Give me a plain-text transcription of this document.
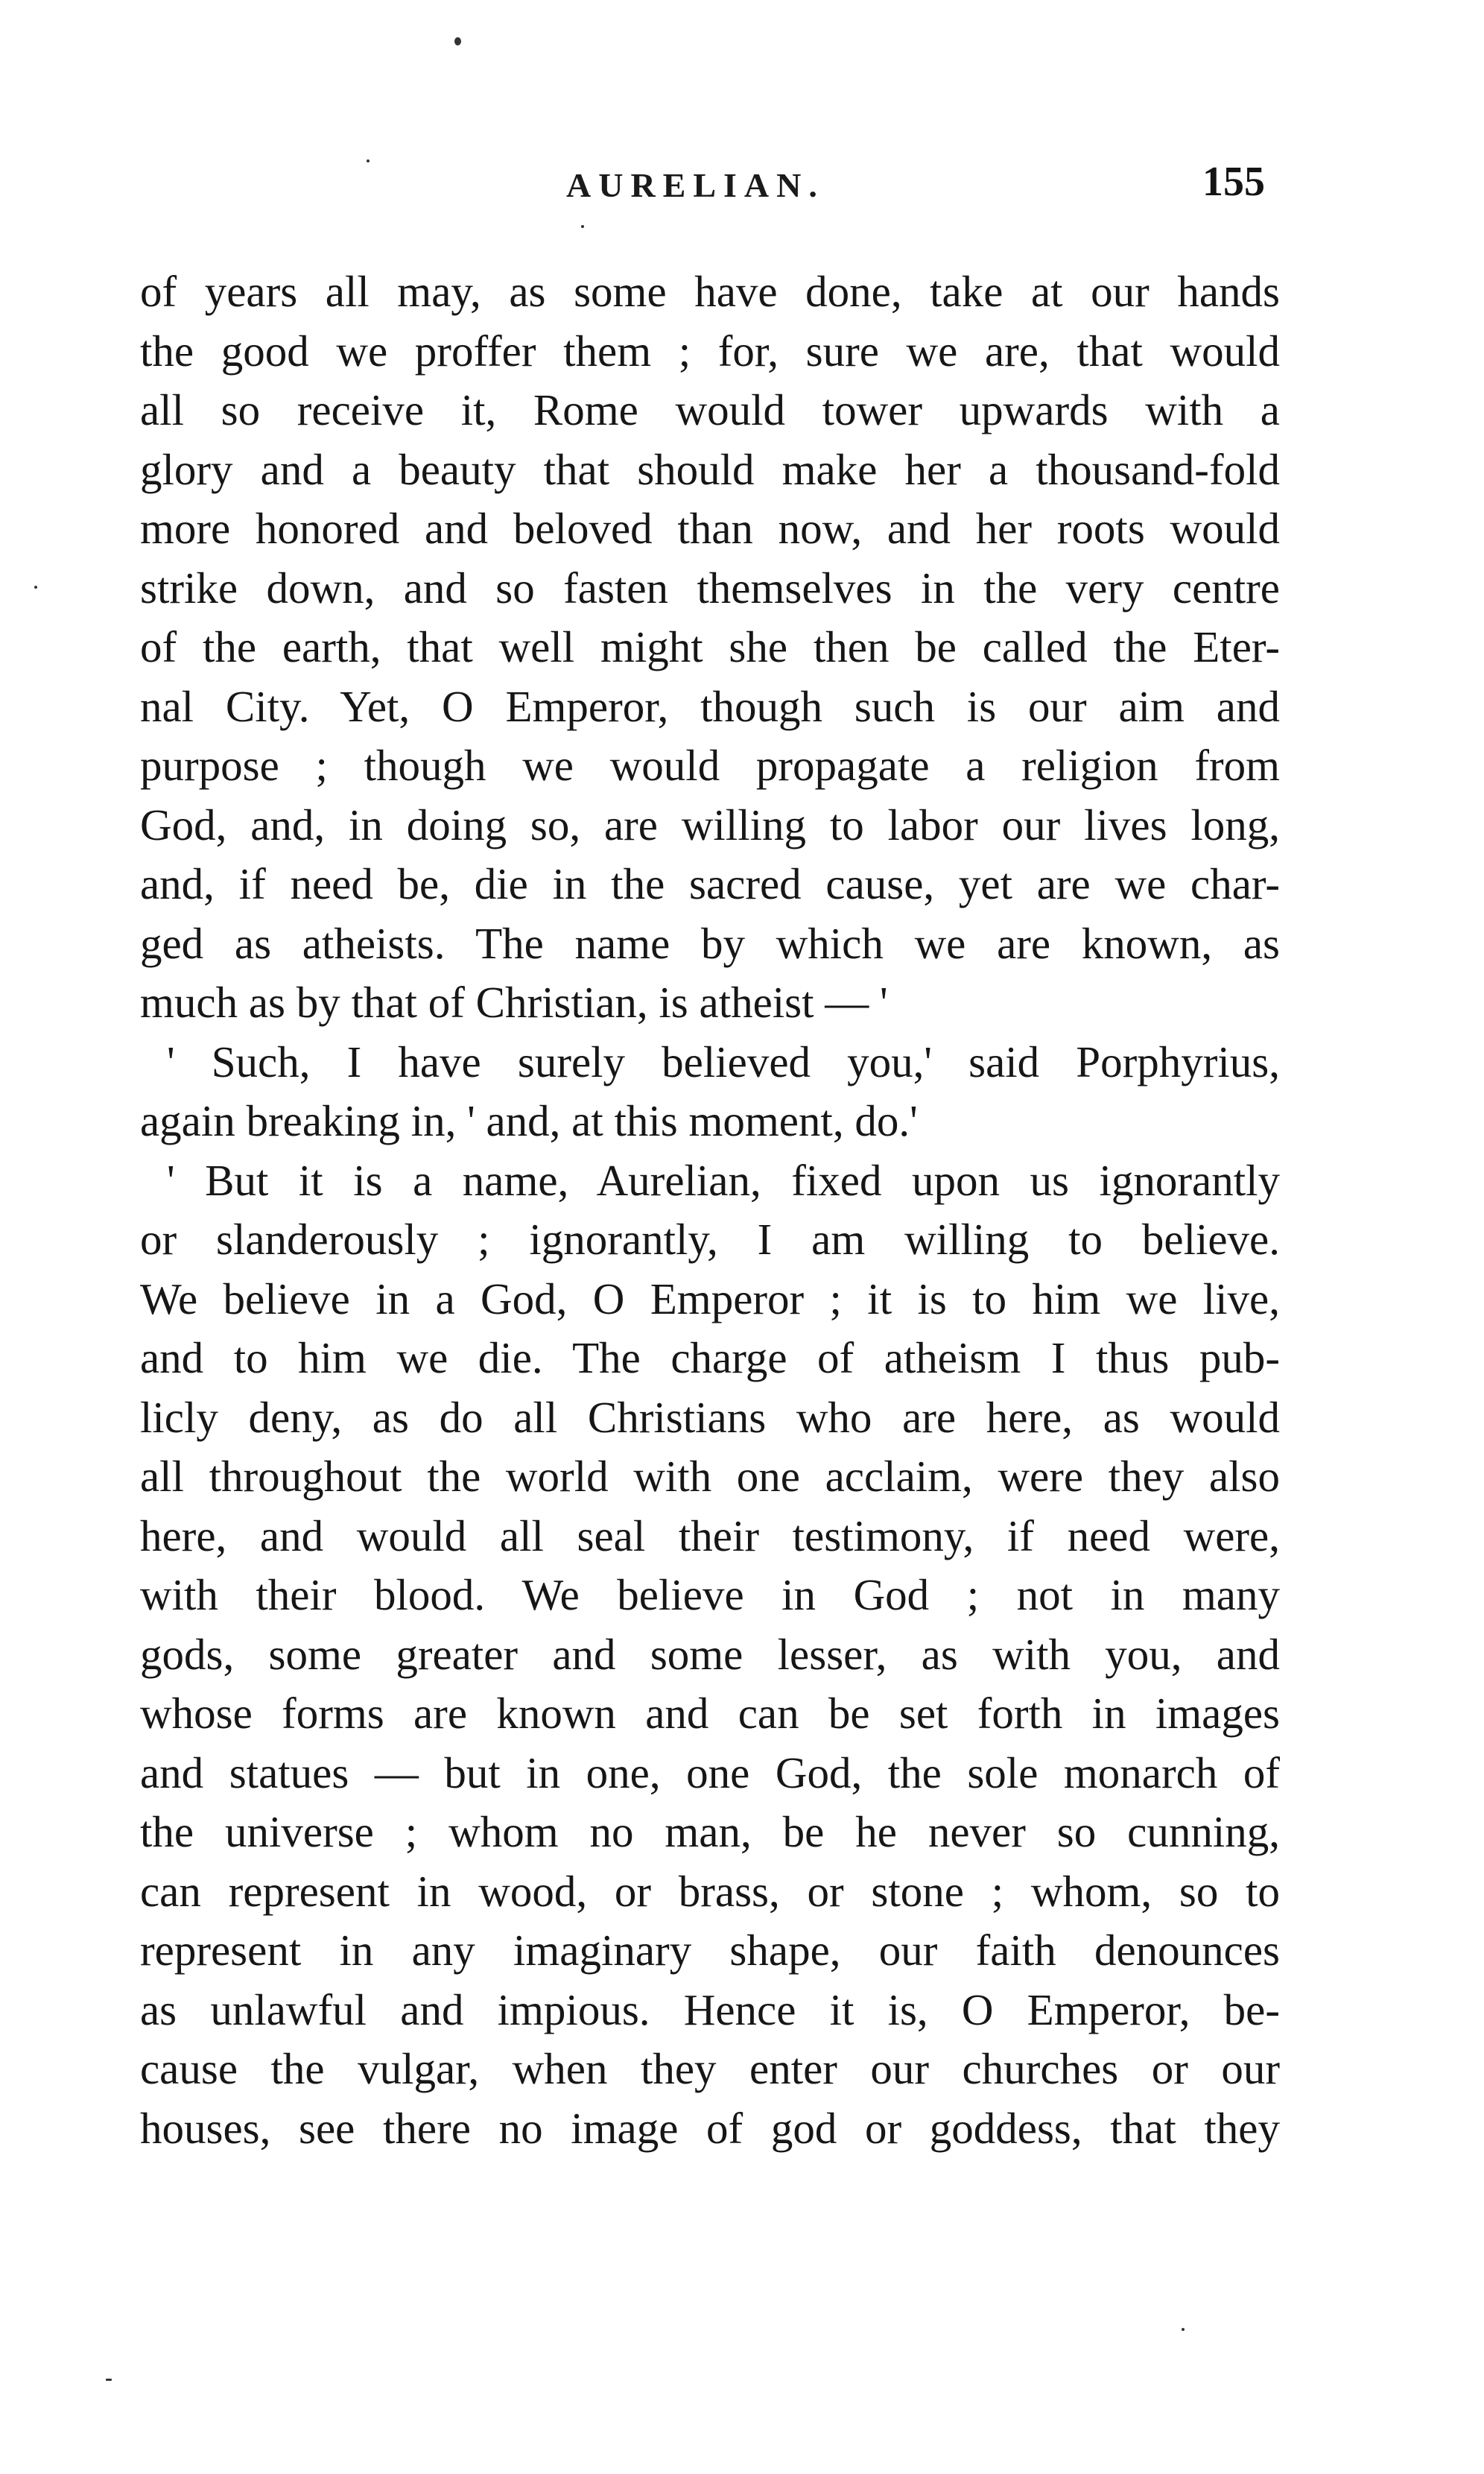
AURELIAN.	155
of years all may, as some have done, take at our hands
the good we proffer them ; for, sure we are, that would
all so receive it, Rome would tower upwards with a
glory and a beauty that should make her a thousand-fold
more honored and beloved than now, and her roots would
strike down, and so fasten themselves in the very centre
of the earth, that well might she then be called the Eter-
nal City. Yet, O Emperor, though such is our aim and
purpose ; though we would propagate a religion from
God, and, in doing so, are willing to labor our lives long,
and, if need be, die in the sacred cause, yet are we char-
ged as atheists. The name by which we are known, as
much as by that of Christian, is atheist — '
' Such, I have surely believed you,' said Porphyrius,
again breaking in, ' and, at this moment, do.'
' But it is a name, Aurelian, fixed upon us ignorantly
or slanderously ; ignorantly, I am willing to believe.
We believe in a God, O Emperor ; it is to him we live,
and to him we die. The charge of atheism I thus pub-
licly deny, as do all Christians who are here, as would
all throughout the world with one acclaim, were they also
here, and would all seal their testimony, if need were,
with their blood. We believe in God ; not in many
gods, some greater and some lesser, as with you, and
whose forms are known and can be set forth in images
and statues — but in one, one God, the sole monarch of
the universe ; whom no man, be he never so cunning,
can represent in wood, or brass, or stone ; whom, so to
represent in any imaginary shape, our faith denounces
as unlawful and impious. Hence it is, O Emperor, be-
cause the vulgar, when they enter our churches or our
houses, see there no image of god or goddess, that they
